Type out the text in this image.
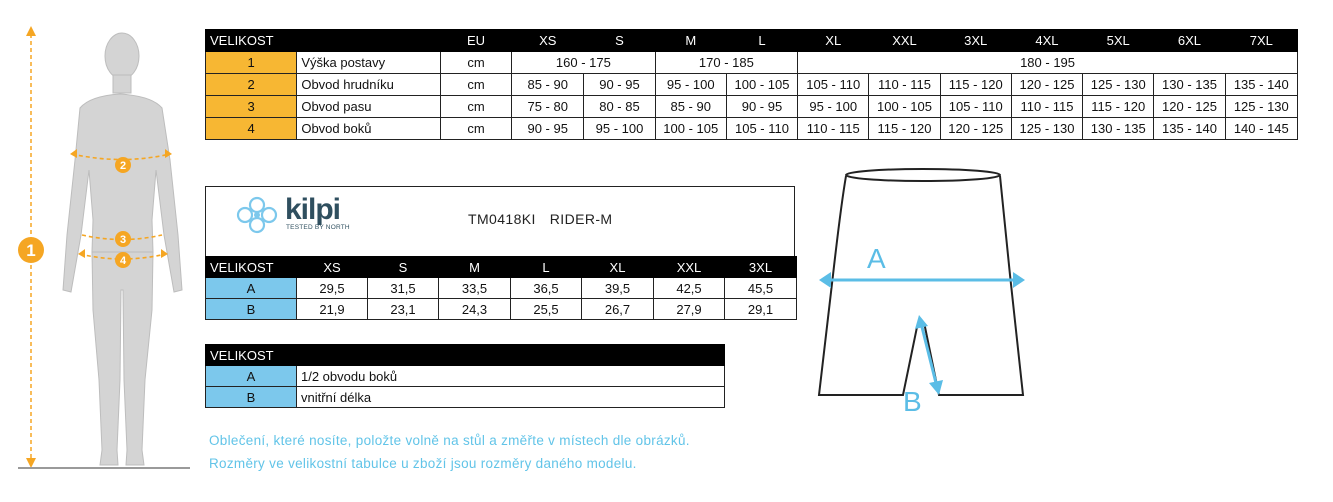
1
2
3
4
VELIKOST		EU	XS	S	M	L	XL	XXL	3XL	4XL	5XL	6XL	7XL
1	Výška postavy	cm	160 - 175		170 - 185		180 - 195						
2	Obvod hrudníku	cm	85 - 90	90 - 95	95 - 100	100 - 105	105 - 110	110 - 115	115 - 120	120 - 125	125 - 130	130 - 135	135 - 140
3	Obvod pasu	cm	75 - 80	80 - 85	85 - 90	90 - 95	95 - 100	100 - 105	105 - 110	110 - 115	115 - 120	120 - 125	125 - 130
4	Obvod boků	cm	90 - 95	95 - 100	100 - 105	105 - 110	110 - 115	115 - 120	120 - 125	125 - 130	130 - 135	135 - 140	140 - 145
kilpi
TESTED BY NORTH
TM0418KI RIDER-M
VELIKOST	XS	S	M	L	XL	XXL	3XL
A	29,5	31,5	33,5	36,5	39,5	42,5	45,5
B	21,9	23,1	24,3	25,5	26,7	27,9	29,1
VELIKOST	
A	1/2 obvodu boků
B	vnitřní délka
Oblečení, které nosíte, položte volně na stůl a změřte v místech dle obrázků.
Rozměry ve velikostní tabulce u zboží jsou rozměry daného modelu.
A
B
